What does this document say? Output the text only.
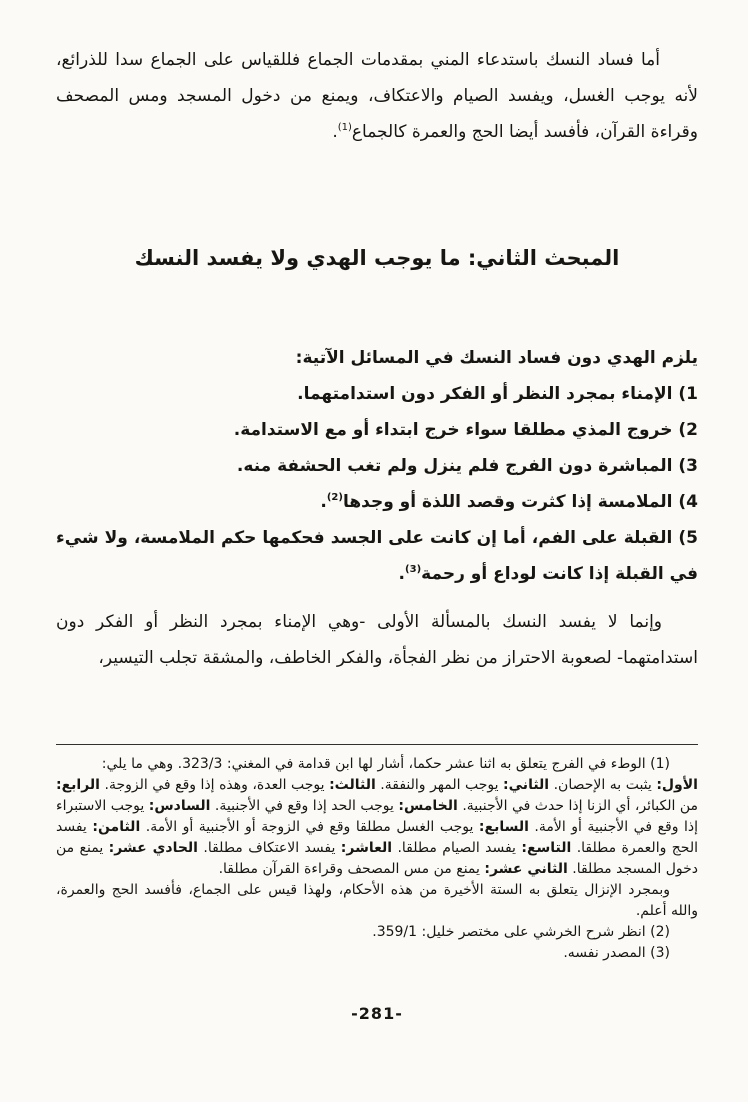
أما فساد النسك باستدعاء المني بمقدمات الجماع فللقياس على الجماع سدا للذرائع، لأنه يوجب الغسل، ويفسد الصيام والاعتكاف، ويمنع من دخول المسجد ومس المصحف وقراءة القرآن، فأفسد أيضا الحج والعمرة كالجماع$^{(1)}$.

المبحث الثاني: ما يوجب الهدي ولا يفسد النسك

يلزم الهدي دون فساد النسك في المسائل الآتية:

1) الإمناء بمجرد النظر أو الفكر دون استدامتهما.

2) خروج المذي مطلقا سواء خرج ابتداء أو مع الاستدامة.

3) المباشرة دون الفرج فلم ينزل ولم تغب الحشفة منه.

4) الملامسة إذا كثرت وقصد اللذة أو وجدها$^{(2)}$.

5) القبلة على الفم، أما إن كانت على الجسد فحكمها حكم الملامسة، ولا شيء في القبلة إذا كانت لوداع أو رحمة$^{(3)}$.

وإنما لا يفسد النسك بالمسألة الأولى -وهي الإمناء بمجرد النظر أو الفكر دون استدامتهما- لصعوبة الاحتراز من نظر الفجأة، والفكر الخاطف، والمشقة تجلب التيسير،

(1) الوطء في الفرج يتعلق به اثنا عشر حكما، أشار لها ابن قدامة في المغني: 323/3. وهي ما يلي:

الأول: يثبت به الإحصان. الثاني: يوجب المهر والنفقة. الثالث: يوجب العدة، وهذه إذا وقع في الزوجة. الرابع: من الكبائر، أي الزنا إذا حدث في الأجنبية. الخامس: يوجب الحد إذا وقع في الأجنبية. السادس: يوجب الاستبراء إذا وقع في الأجنبية أو الأمة. السابع: يوجب الغسل مطلقا وقع في الزوجة أو الأجنبية أو الأمة. الثامن: يفسد الحج والعمرة مطلقا. التاسع: يفسد الصيام مطلقا. العاشر: يفسد الاعتكاف مطلقا. الحادي عشر: يمنع من دخول المسجد مطلقا. الثاني عشر: يمنع من مس المصحف وقراءة القرآن مطلقا.

وبمجرد الإنزال يتعلق به الستة الأخيرة من هذه الأحكام، ولهذا قيس على الجماع، فأفسد الحج والعمرة، والله أعلم.

(2) انظر شرح الخرشي على مختصر خليل: 359/1.

(3) المصدر نفسه.

-281-
